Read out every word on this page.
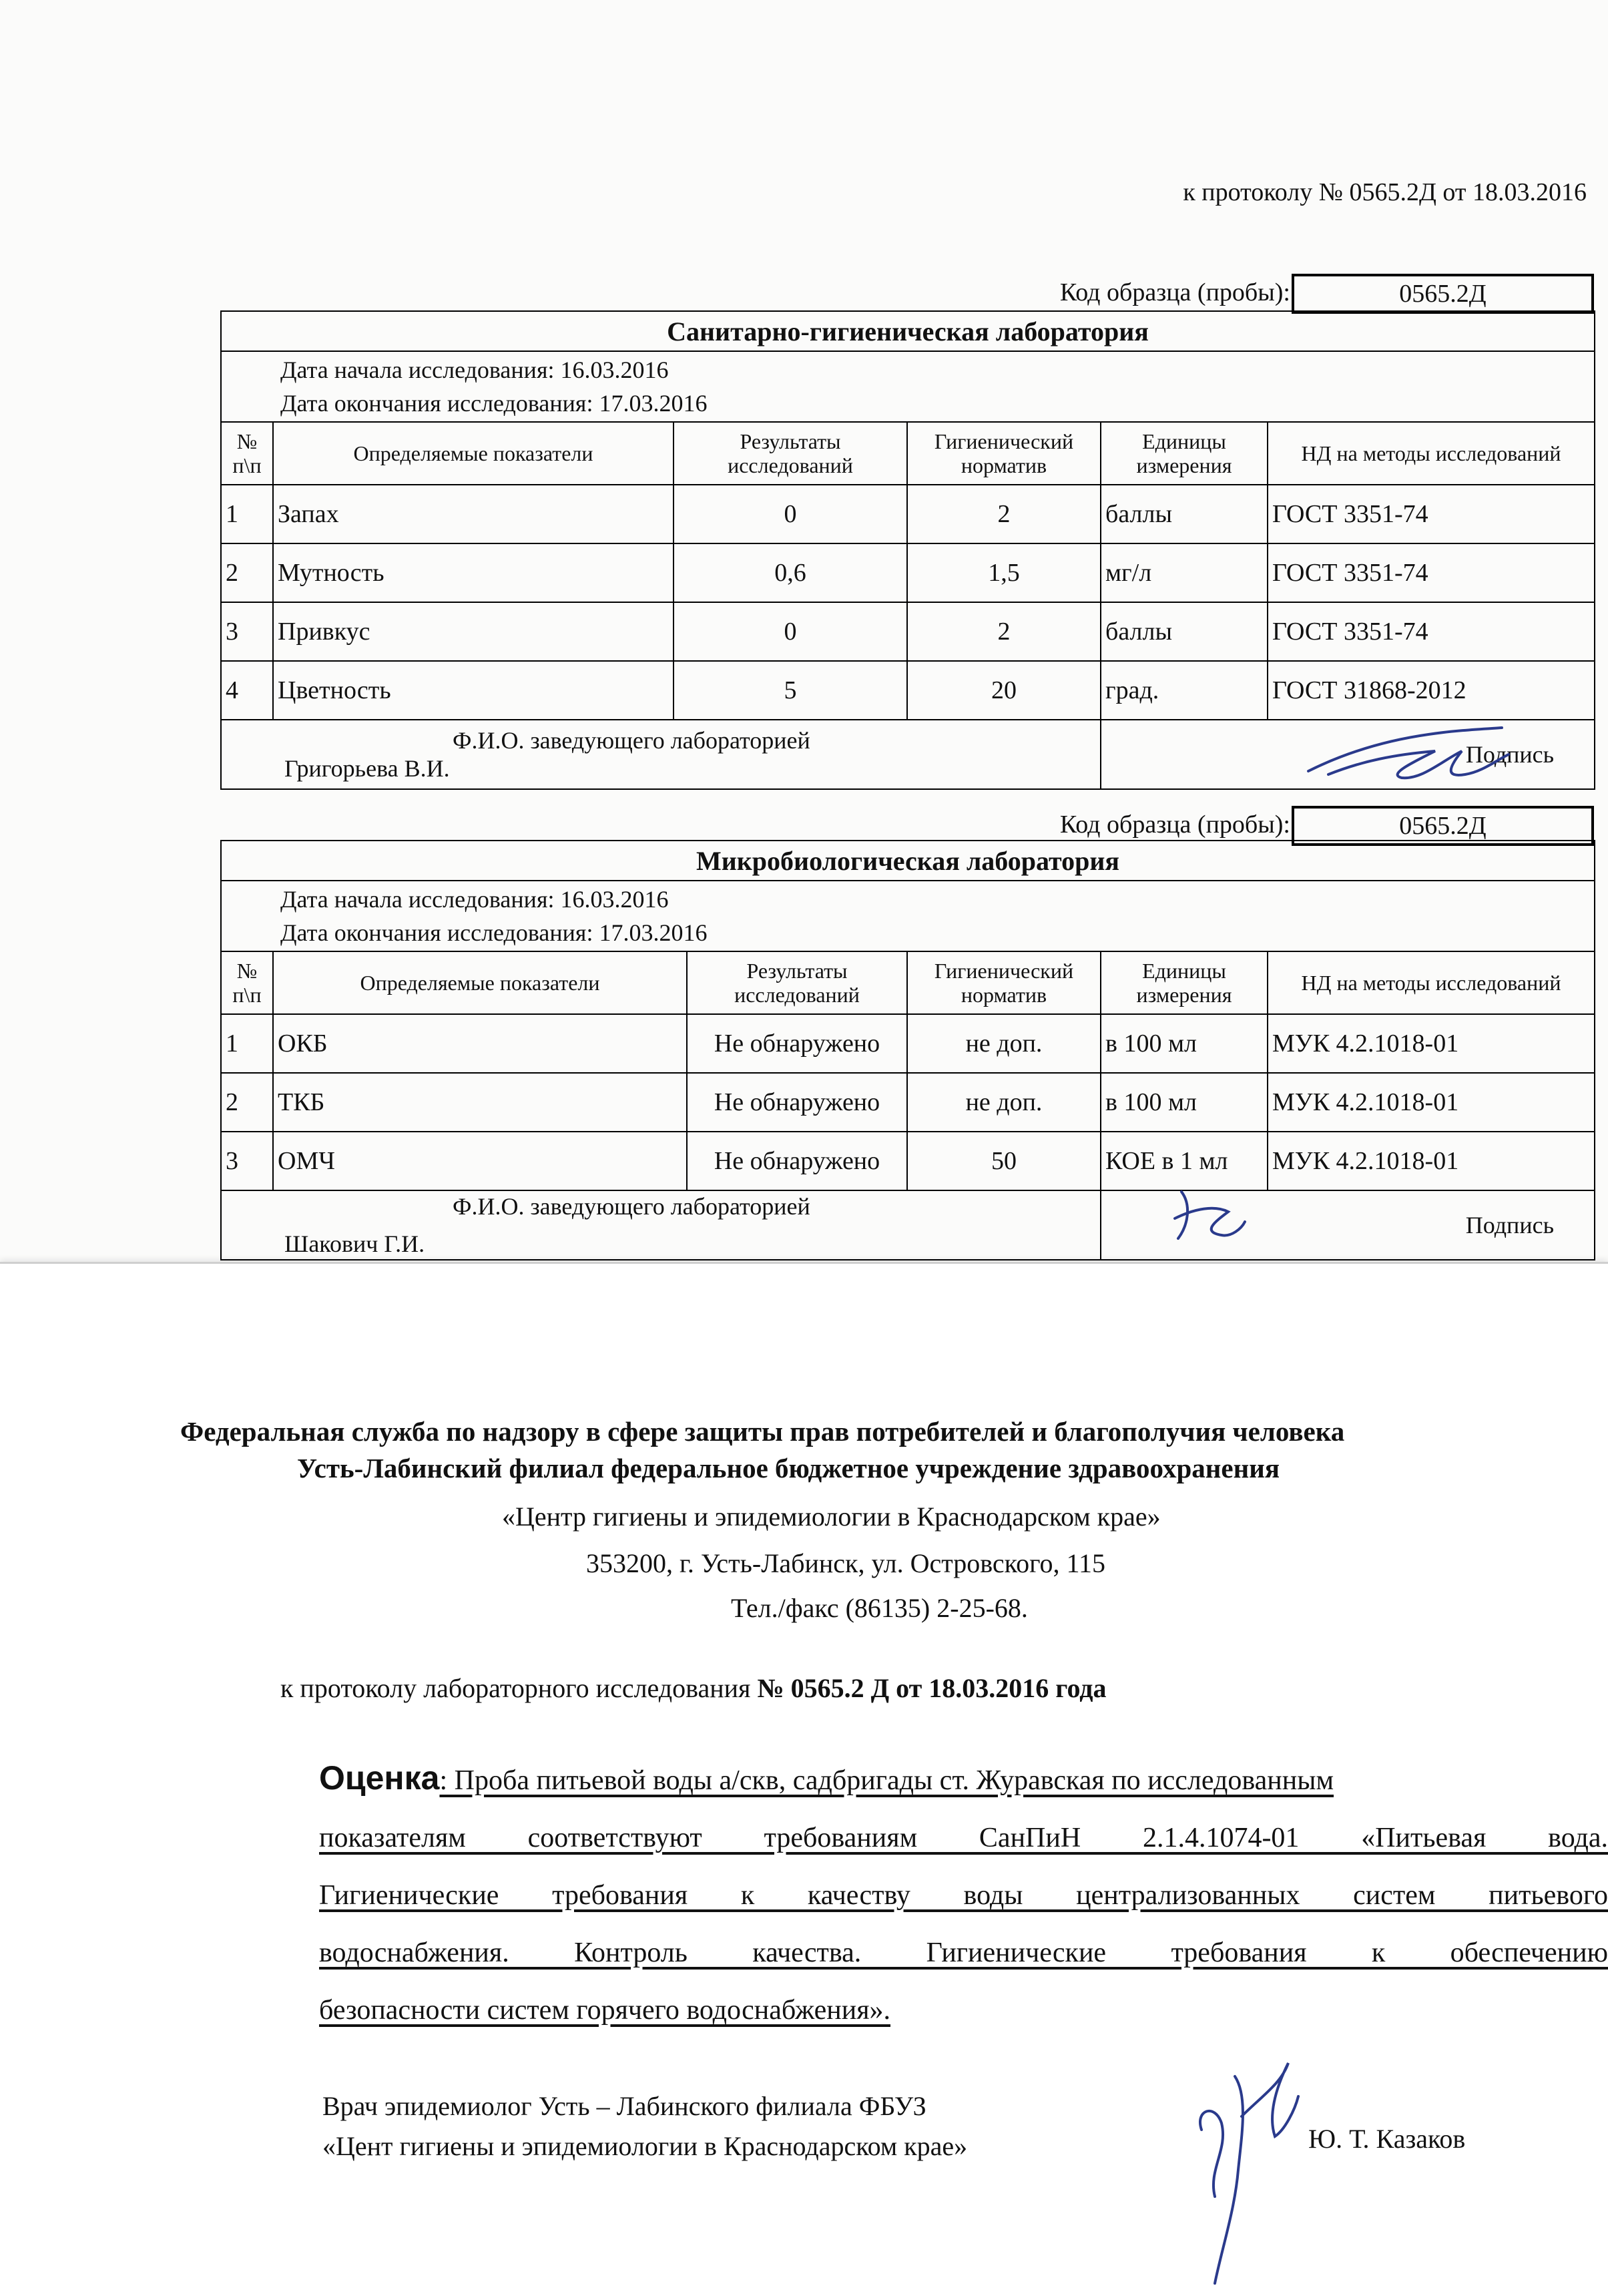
к протоколу № 0565.2Д от 18.03.2016
Код образца (пробы):	0565.2Д
Санитарно-гигиеническая лаборатория					

Дата начала исследования: 16.03.2016
Дата окончания исследования: 17.03.2016					

№ п\п	Определяемые показатели	Результаты исследований	Гигиенический норматив	Единицы измерения	НД на методы исследований
1	Запах	0	2	баллы	ГОСТ 3351-74
2	Мутность	0,6	1,5	мг/л	ГОСТ 3351-74
3	Привкус	0	2	баллы	ГОСТ 3351-74
4	Цветность	5	20	град.	ГОСТ 31868-2012

Ф.И.О. заведующего лабораторией
Григорьева В.И.				Подпись	
Код образца (пробы):	0565.2Д
Микробиологическая лаборатория					

Дата начала исследования: 16.03.2016
Дата окончания исследования: 17.03.2016					

№ п\п	Определяемые показатели	Результаты исследований	Гигиенический норматив	Единицы измерения	НД на методы исследований
1	ОКБ	Не обнаружено	не доп.	в 100 мл	МУК 4.2.1018-01
2	ТКБ	Не обнаружено	не доп.	в 100 мл	МУК 4.2.1018-01
3	ОМЧ	Не обнаружено	50	КОЕ в 1 мл	МУК 4.2.1018-01

Ф.И.О. заведующего лабораторией
Шакович Г.И.				Подпись	
Федеральная служба по надзору в сфере защиты прав потребителей и благополучия человека
Усть-Лабинский филиал федеральное бюджетное учреждение здравоохранения
«Центр гигиены и эпидемиологии в Краснодарском крае»
353200, г. Усть-Лабинск, ул. Островского, 115
Тел./факс (86135) 2-25-68.
к протоколу лабораторного исследования № 0565.2 Д от 18.03.2016 года
Оценка: Проба питьевой воды а/скв, садбригады ст. Журавская по исследованным
показателям соответствуют требованиям СанПиН 2.1.4.1074-01 «Питьевая вода.
Гигиенические требования к качеству воды централизованных систем питьевого
водоснабжения. Контроль качества. Гигиенические требования к обеспечению
безопасности систем горячего водоснабжения».
Врач эпидемиолог Усть – Лабинского филиала ФБУЗ
«Цент гигиены и эпидемиологии в Краснодарском крае»	Ю. Т. Казаков
